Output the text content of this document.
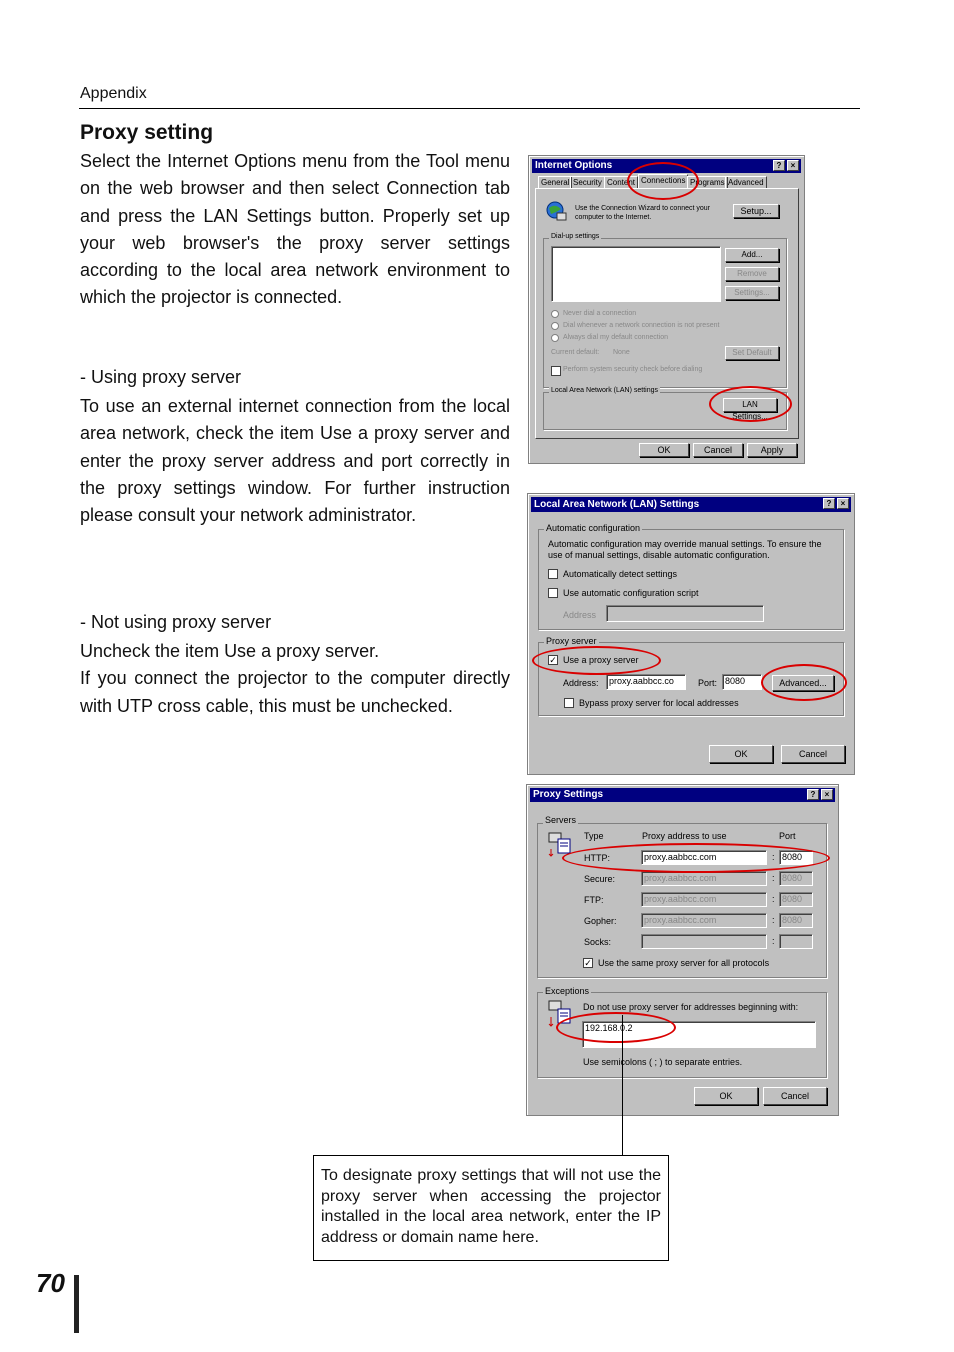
Appendix
Proxy setting

Select the Internet Options menu from the Tool menu on the web browser and then select Connection tab and press the LAN Settings button. Properly set up your web browser's the proxy server settings according to the local area network environment to which the projector is connected.

- Using proxy server

To use an external internet connection from the local area network, check the item Use a proxy server and enter the proxy server address and port correctly in the proxy settings window. For further instruction please consult your network administrator.

- Not using proxy server

Uncheck the item Use a proxy server.

If you connect the projector to the computer directly with UTP cross cable, this must be unchecked.

Internet Options	?	×
General Security Content Connections Programs Advanced
Use the Connection Wizard to connect your computer to the Internet.
Setup...
Dial-up settings
Add...
Remove
Settings...
Never dial a connection
Dial whenever a network connection is not present
Always dial my default connection
Current default: None	Set Default
Perform system security check before dialing
Local Area Network (LAN) settings
LAN Settings...
OK	Cancel	Apply
Local Area Network (LAN) Settings	?	×
Automatic configuration
Automatic configuration may override manual settings. To ensure the use of manual settings, disable automatic configuration.
Automatically detect settings
Use automatic configuration script
Address
Proxy server
✓ Use a proxy server
Address:	proxy.aabbcc.co	Port: 8080	Advanced...
Bypass proxy server for local addresses
OK	Cancel
Proxy Settings	?	×
Servers
Type	Proxy address to use	Port
HTTP:	proxy.aabbcc.com	: 8080
Secure:	proxy.aabbcc.com	: 8080
FTP:	proxy.aabbcc.com	: 8080
Gopher:	proxy.aabbcc.com	: 8080
Socks:	:
✓ Use the same proxy server for all protocols
Exceptions
Do not use proxy server for addresses beginning with:
192.168.0.2
Use semicolons ( ; ) to separate entries.
OK	Cancel
To designate proxy settings that will not use the proxy server when accessing the projector installed in the local area network, enter the IP address or domain name here.
70
